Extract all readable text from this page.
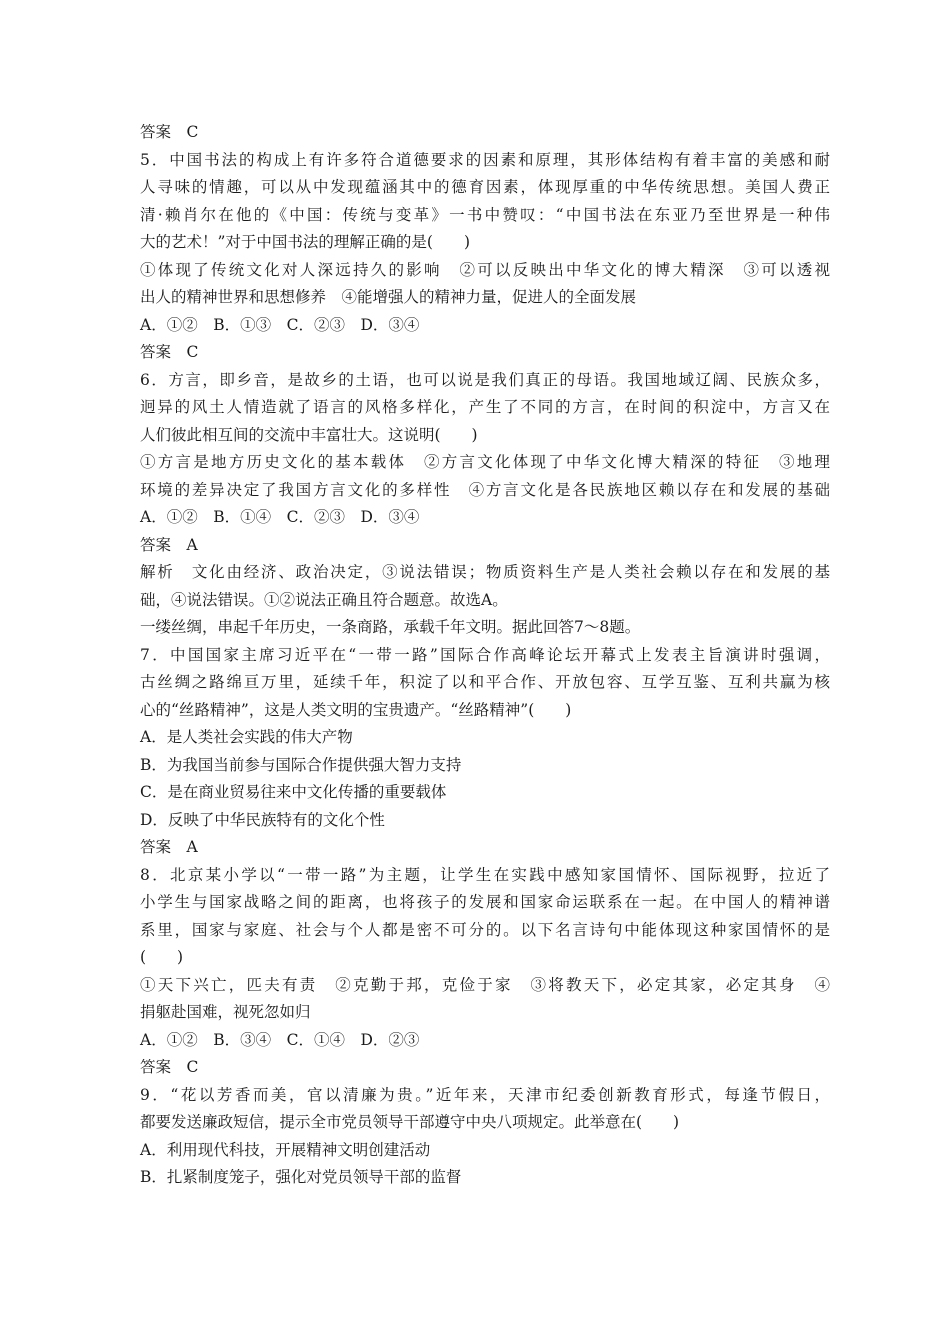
答案　C
5．中国书法的构成上有许多符合道德要求的因素和原理，其形体结构有着丰富的美感和耐
人寻味的情趣，可以从中发现蕴涵其中的德育因素，体现厚重的中华传统思想。美国人费正
清·赖肖尔在他的《中国：传统与变革》一书中赞叹：“中国书法在东亚乃至世界是一种伟
大的艺术！”对于中国书法的理解正确的是(　　)
①体现了传统文化对人深远持久的影响　②可以反映出中华文化的博大精深　③可以透视
出人的精神世界和思想修养　④能增强人的精神力量，促进人的全面发展
A．①②　B．①③　C．②③　D．③④
答案　C
6．方言，即乡音，是故乡的土语，也可以说是我们真正的母语。我国地域辽阔、民族众多，
迥异的风土人情造就了语言的风格多样化，产生了不同的方言，在时间的积淀中，方言又在
人们彼此相互间的交流中丰富壮大。这说明(　　)
①方言是地方历史文化的基本载体　②方言文化体现了中华文化博大精深的特征　③地理
环境的差异决定了我国方言文化的多样性　④方言文化是各民族地区赖以存在和发展的基础
A．①②　B．①④　C．②③　D．③④
答案　A
解析　文化由经济、政治决定，③说法错误；物质资料生产是人类社会赖以存在和发展的基
础，④说法错误。①②说法正确且符合题意。故选A。
一缕丝绸，串起千年历史，一条商路，承载千年文明。据此回答7～8题。
7．中国国家主席习近平在“一带一路”国际合作高峰论坛开幕式上发表主旨演讲时强调，
古丝绸之路绵亘万里，延续千年，积淀了以和平合作、开放包容、互学互鉴、互利共赢为核
心的“丝路精神”，这是人类文明的宝贵遗产。“丝路精神”(　　)
A．是人类社会实践的伟大产物
B．为我国当前参与国际合作提供强大智力支持
C．是在商业贸易往来中文化传播的重要载体
D．反映了中华民族特有的文化个性
答案　A
8．北京某小学以“一带一路”为主题，让学生在实践中感知家国情怀、国际视野，拉近了
小学生与国家战略之间的距离，也将孩子的发展和国家命运联系在一起。在中国人的精神谱
系里，国家与家庭、社会与个人都是密不可分的。以下名言诗句中能体现这种家国情怀的是
(　　)
①天下兴亡，匹夫有责　②克勤于邦，克俭于家　③将教天下，必定其家，必定其身　④
捐躯赴国难，视死忽如归
A．①②　B．③④　C．①④　D．②③
答案　C
9．“花以芳香而美，官以清廉为贵。”近年来，天津市纪委创新教育形式，每逢节假日，
都要发送廉政短信，提示全市党员领导干部遵守中央八项规定。此举意在(　　)
A．利用现代科技，开展精神文明创建活动
B．扎紧制度笼子，强化对党员领导干部的监督
